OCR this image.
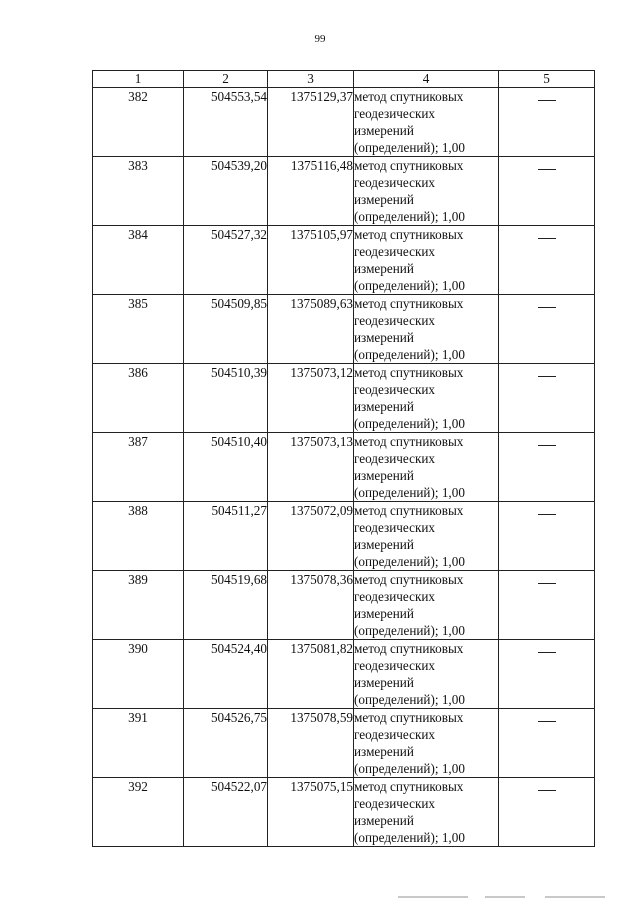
99
1	2	3	4	5
382	504553,54	1375129,37	метод спутниковых
геодезических
измерений
(определений); 1,00	

383	504539,20	1375116,48	метод спутниковых
геодезических
измерений
(определений); 1,00	

384	504527,32	1375105,97	метод спутниковых
геодезических
измерений
(определений); 1,00	

385	504509,85	1375089,63	метод спутниковых
геодезических
измерений
(определений); 1,00	

386	504510,39	1375073,12	метод спутниковых
геодезических
измерений
(определений); 1,00	

387	504510,40	1375073,13	метод спутниковых
геодезических
измерений
(определений); 1,00	

388	504511,27	1375072,09	метод спутниковых
геодезических
измерений
(определений); 1,00	

389	504519,68	1375078,36	метод спутниковых
геодезических
измерений
(определений); 1,00	

390	504524,40	1375081,82	метод спутниковых
геодезических
измерений
(определений); 1,00	

391	504526,75	1375078,59	метод спутниковых
геодезических
измерений
(определений); 1,00	

392	504522,07	1375075,15	метод спутниковых
геодезических
измерений
(определений); 1,00	
